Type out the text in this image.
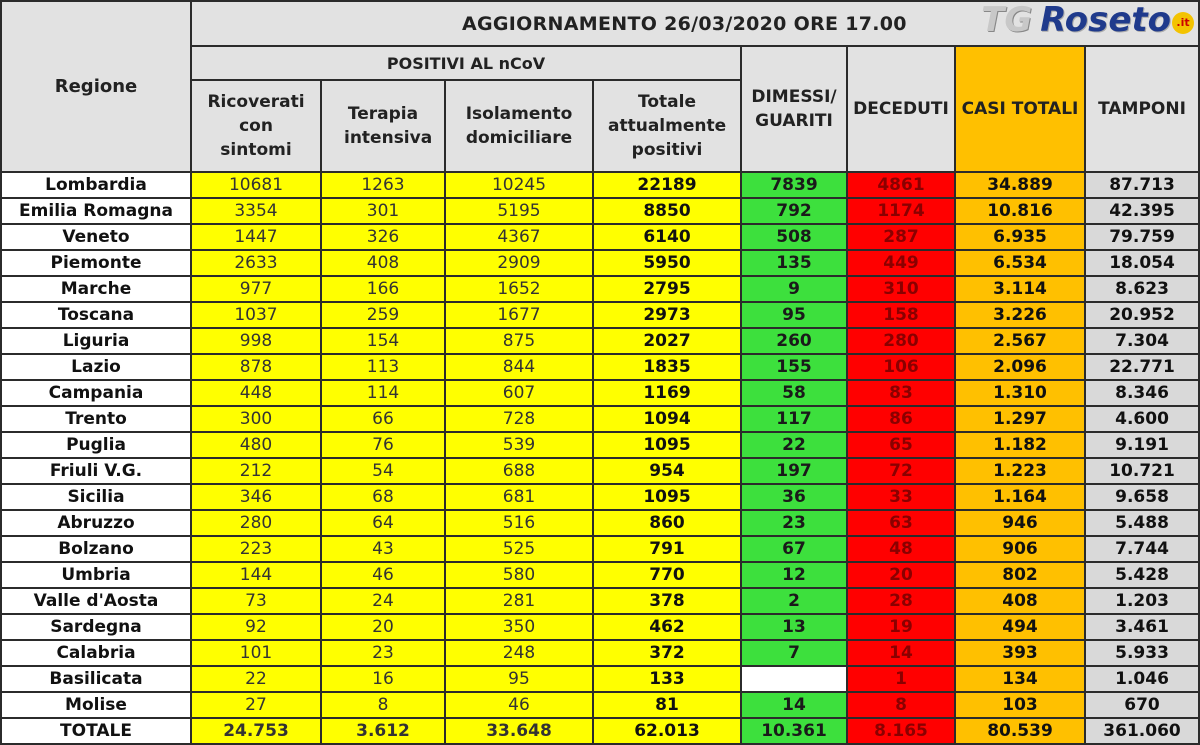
Regione	AGGIORNAMENTO 26/03/2020 ORE 17.00							
	POSITIVI AL nCoV				DIMESSI/ GUARITI	DECEDUTI	CASI TOTALI	TAMPONI
	Ricoverati con sintomi	Terapia intensiva	Isolamento domiciliare	Totale attualmente positivi				
Lombardia	10681	1263	10245	22189	7839	4861	34.889	87.713
Emilia Romagna	3354	301	5195	8850	792	1174	10.816	42.395
Veneto	1447	326	4367	6140	508	287	6.935	79.759
Piemonte	2633	408	2909	5950	135	449	6.534	18.054
Marche	977	166	1652	2795	9	310	3.114	8.623
Toscana	1037	259	1677	2973	95	158	3.226	20.952
Liguria	998	154	875	2027	260	280	2.567	7.304
Lazio	878	113	844	1835	155	106	2.096	22.771
Campania	448	114	607	1169	58	83	1.310	8.346
Trento	300	66	728	1094	117	86	1.297	4.600
Puglia	480	76	539	1095	22	65	1.182	9.191
Friuli V.G.	212	54	688	954	197	72	1.223	10.721
Sicilia	346	68	681	1095	36	33	1.164	9.658
Abruzzo	280	64	516	860	23	63	946	5.488
Bolzano	223	43	525	791	67	48	906	7.744
Umbria	144	46	580	770	12	20	802	5.428
Valle d'Aosta	73	24	281	378	2	28	408	1.203
Sardegna	92	20	350	462	13	19	494	3.461
Calabria	101	23	248	372	7	14	393	5.933
Basilicata	22	16	95	133		1	134	1.046
Molise	27	8	46	81	14	8	103	670
TOTALE	24.753	3.612	33.648	62.013	10.361	8.165	80.539	361.060
TG Roseto .it
